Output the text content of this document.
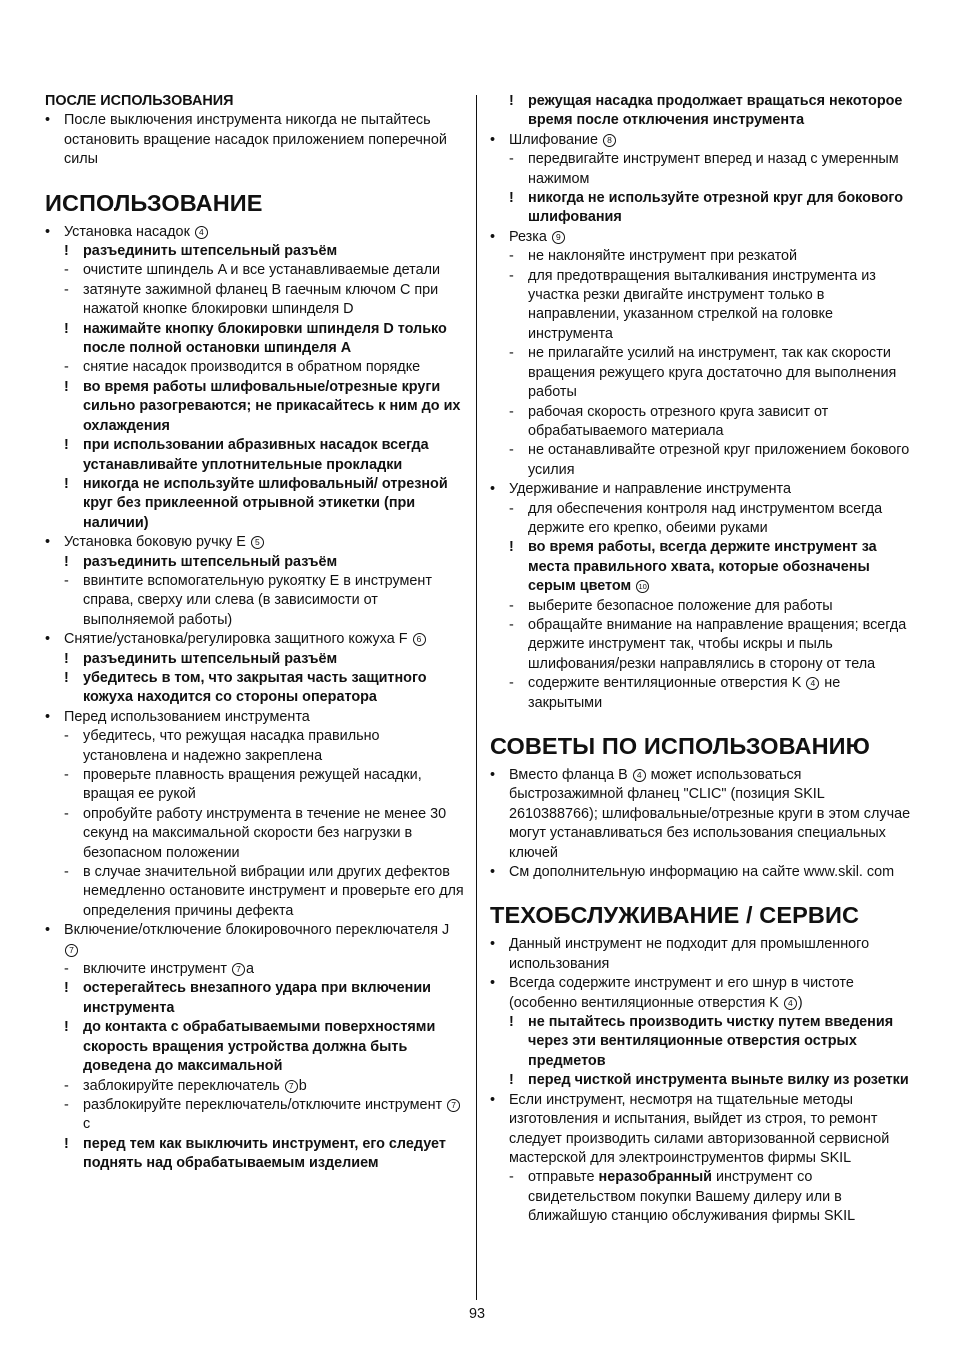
ПОСЛЕ ИСПОЛЬЗОВАНИЯ
• После выключения инструмента никогда не пытайтесь остановить вращение насадок приложением поперечной силы
ИСПОЛЬЗОВАНИЕ
• Установка насадок 4
! разъединить штепсельный разъём
- очистите шпиндель A и все устанавливаемые детали
- затянуте зажимной фланец B гаечным ключом C при нажатой кнопке блокировки шпинделя D
! нажимайте кнопку блокировки шпинделя D только после полной остановки шпинделя A
- снятие насадок производится в обратном порядке
! во время работы шлифовальные/отрезные круги сильно разогреваются; не прикасайтесь к ним до их охлаждения
! при использовании абразивных насадок всегда устанавливайте уплотнительные прокладки
! никогда не используйте шлифовальный/ отрезной круг без приклеенной отрывной этикетки (при наличии)
• Установка боковую ручку E 5
! разъединить штепсельный разъём
- ввинтите вспомогательную рукоятку E в инструмент справа, сверху или слева (в зависимости от выполняемой работы)
• Снятие/установка/регулировка защитного кожуха F 6
! разъединить штепсельный разъём
! убедитесь в том, что закрытая часть защитного кожуха находится со стороны оператора
• Перед использованием инструмента
- убедитесь, что режущая насадка правильно установлена и надежно закреплена
- проверьте плавность вращения режущей насадки, вращая ее рукой
- опробуйте работу инструмента в течение не менее 30 секунд на максимальной скорости без нагрузки в безопасном положении
- в случае значительной вибрации или других дефектов немедленно остановите инструмент и проверьте его для определения причины дефекта
• Включение/отключение блокировочного переключателя J 7
- включите инструмент 7 a
! остерегайтесь внезапного удара при включении инструмента
! до контакта с обрабатываемыми поверхностями скорость вращения устройства должна быть доведена до максимальной
- заблокируйте переключатель 7 b
- разблокируйте переключатель/отключите инструмент 7c
! перед тем как выключить инструмент, его следует поднять над обрабатываемым изделием
! режущая насадка продолжает вращаться некоторое время после отключения инструмента
• Шлифование 8
- передвигайте инструмент вперед и назад с умеренным нажимом
! никогда не используйте отрезной круг для бокового шлифования
• Резка 9
- не наклоняйте инструмент при резкатой
- для предотвращения выталкивания инструмента из участка резки двигайте инструмент только в направлении, указанном стрелкой на головке инструмента
- не прилагайте усилий на инструмент, так как скорости вращения режущего круга достаточно для выполнения работы
- рабочая скорость отрезного круга зависит от обрабатываемого материала
- не останавливайте отрезной круг приложением бокового усилия
• Удерживание и направление инструмента
- для обеспечения контроля над инструментом всегда держите его крепко, обеими руками
! во время работы, всегда держите инструмент за места правильного хвата, которые обозначены серым цветом 10
- выберите безопасное положение для работы
- обращайте внимание на направление вращения; всегда держите инструмент так, чтобы искры и пыль шлифования/резки направлялись в сторону от тела
- содержите вентиляционные отверстия K 4 не закрытыми
СОВЕТЫ ПО ИСПОЛЬЗОВАНИЮ
• Вместо фланца B 4 может использоваться быстрозажимной фланец "CLIC" (позиция SKIL 2610388766); шлифовальные/отрезные круги в этом случае могут устанавливаться без использования специальных ключей
• См дополнительную информацию на сайте www.skil. com
ТЕХОБСЛУЖИВАНИЕ / СЕРВИС
• Данный инструмент не подходит для промышленного использования
• Всегда содержите инструмент и его шнур в чистоте (особенно вентиляционные отверстия K 4 )
! не пытайтесь производить чистку путем введения через эти вентиляционные отверстия острых предметов
! перед чисткой инструмента выньте вилку из розетки
• Если инструмент, несмотря на тщательные методы изготовления и испытания, выйдет из строя, то ремонт следует производить силами авторизованной сервисной мастерской для электроинструментов фирмы SKIL
- отправьте неразобранный инструмент со свидетельством покупки Вашему дилеру или в ближайшую станцию обслуживания фирмы SKIL
93
